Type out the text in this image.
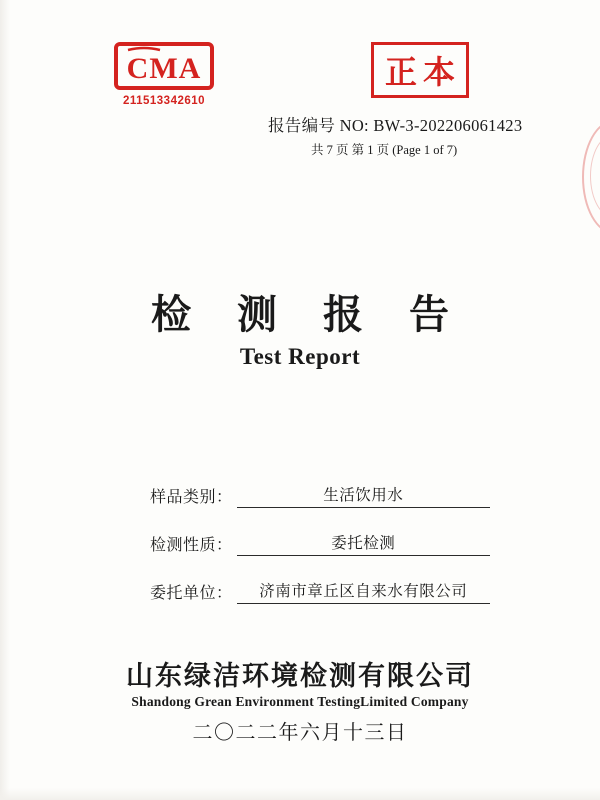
CMA
211513342610
正本
报告编号 NO: BW-3-202206061423
共 7 页 第 1 页 (Page 1 of 7)
检 测 报 告
Test Report
样品类别：	生活饮用水
检测性质：	委托检测
委托单位：	济南市章丘区自来水有限公司
山东绿洁环境检测有限公司
Shandong Grean Environment TestingLimited Company
二〇二二年六月十三日
